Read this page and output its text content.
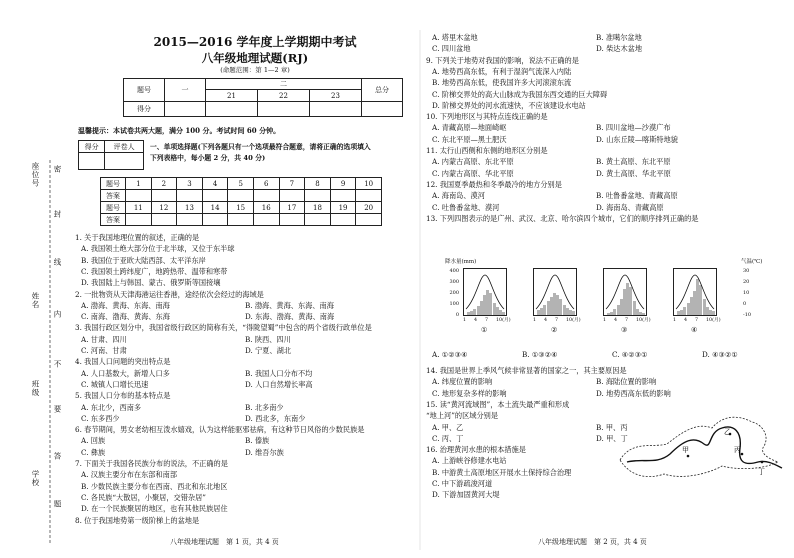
座位号
姓名
班级
学校
密
封
线
内
不
要
答
题
2015—2016 学年度上学期期中考试
八年级地理试题(RJ)
(命题范围：第 1—2 章)
题号	一	二			总分
		21	22	23	
得分					
温馨提示：本试卷共两大题，满分 100 分。考试时间 60 分钟。
得分	评卷人
	一、单项选择题(下列各题只有一个选项最符合题意，请将正确的选项填入
下列表格中，每小题 2 分，共 40 分)
题号	1	2	3	4	5	6	7	8	9	10
答案										
题号	11	12	13	14	15	16	17	18	19	20
答案										
1. 关于我国地理位置的叙述，正确的是
A. 我国领土绝大部分位于北半球，又位于东半球
B. 我国位于亚欧大陆西部、太平洋东岸
C. 我国领土跨纬度广，地跨热带、温带和寒带
D. 我国陆上与韩国、蒙古、俄罗斯等国接壤
2. 一批物资从天津海港运往香港，途经依次会经过的海域是
A. 渤海、黄海、东海、南海	B. 渤海、黄海、东海、南海
C. 南海、渤海、黄海、东海	D. 东海、渤海、黄海、南海
3. 我国行政区划分中，我国省级行政区的简称有关，“得陇望蜀”中包含的两个省级行政单位是
A. 甘肃、四川	B. 陕西、四川
C. 河南、甘肃	D. 宁夏、湖北
4. 我国人口问题的突出特点是
A. 人口基数大，新增人口多	B. 我国人口分布不均
C. 城镇人口增长迅速	D. 人口自然增长率高
5. 我国人口分布的基本特点是
A. 东北少，西南多	B. 北多南少
C. 东多西少	D. 西北多，东南少
6. 春节期间，男女老幼相互泼水嬉戏，认为这样能驱邪祛病，有这种节日风俗的少数民族是
A. 回族	B. 傣族
C. 彝族	D. 维吾尔族
7. 下面关于我国各民族分布的说法，不正确的是
A. 汉族主要分布在东部和南部
B. 少数民族主要分布在西南、西北和东北地区
C. 各民族“大散居，小聚居，交错杂居”
D. 在一个民族聚居的地区，也有其他民族居住
8. 位于我国地势第一级阶梯上的盆地是
A. 塔里木盆地	B. 准噶尔盆地
C. 四川盆地	D. 柴达木盆地
9. 下列关于地势对我国的影响，说法不正确的是
A. 地势西高东低，有利于湿润气流深入内陆
B. 地势西高东低，使我国许多大河滚滚东流
C. 阶梯交界处的高大山脉成为我国东西交通的巨大障碍
D. 阶梯交界处的河水流速快，不应该建设水电站
10. 下列地形区与其特点连线正确的是
A. 青藏高原—地面崎岖	B. 四川盆地—沙漠广布
C. 东北平原—黑土肥沃	D. 山东丘陵—喀斯特地貌
11. 太行山西侧和东侧的地形区分别是
A. 内蒙古高原、东北平原	B. 黄土高原、东北平原
C. 内蒙古高原、华北平原	D. 黄土高原、华北平原
12. 我国夏季最热和冬季最冷的地方分别是
A. 海南岛、漠河	B. 吐鲁番盆地、青藏高原
C. 吐鲁番盆地、漠河	D. 海南岛、青藏高原
13. 下列四图表示的是广州、武汉、北京、哈尔滨四个城市，它们的顺序排列正确的是
14. 我国是世界上季风气候非常显著的国家之一，其主要原因是
A. 纬度位置的影响	B. 海陆位置的影响
C. 地形复杂多样的影响	D. 地势西高东低的影响
15. 读“黄河流域图”，本土流失最严重和形成
“地上河”的区域分别是
A. 甲、乙	B. 甲、丙
C. 丙、丁	D. 甲、丁
16. 治理黄河水患的根本措施是
A. 上游峡谷修建水电站
B. 中游黄土高原地区开展水土保持综合治理
C. 中下游疏浚河道
D. 下游加固黄河大堤
降水量(mm)	气温(℃)
400
300
200
100
0
30
20
10
0
-10
1 4 7 10(月)
①
1 4 7 10(月)
②
1 4 7 10(月)
③
1 4 7 10(月)
④
A. ①②③④	B. ①③②④	C. ④②③①	D. ④③②①
甲
乙
丙
丁
八年级地理试题　第 1 页，共 4 页	八年级地理试题　第 2 页，共 4 页
